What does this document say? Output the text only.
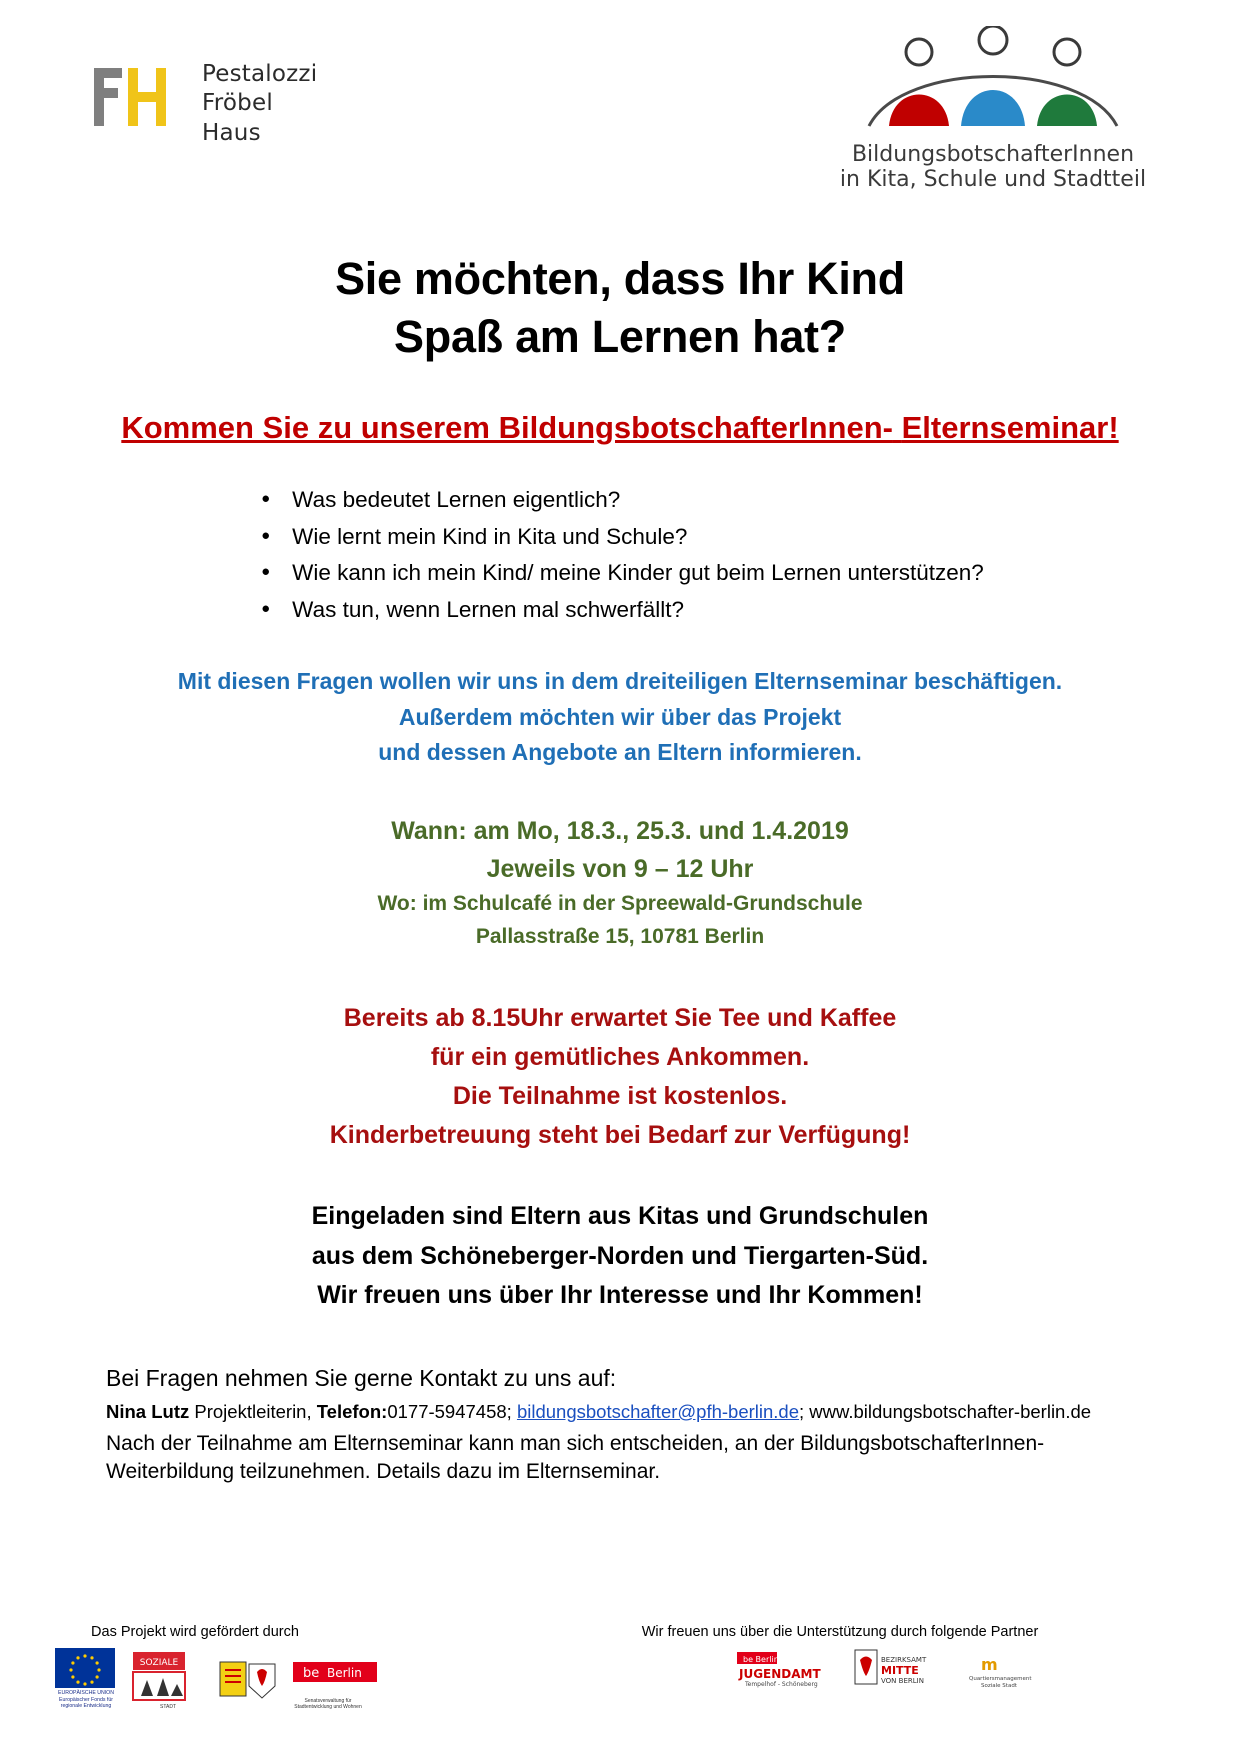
Pestalozzi
Fröbel
Haus
BildungsbotschafterInnen
in Kita, Schule und Stadtteil
Sie möchten, dass Ihr Kind
Spaß am Lernen hat?
Kommen Sie zu unserem BildungsbotschafterInnen- Elternseminar!
● Was bedeutet Lernen eigentlich?
● Wie lernt mein Kind in Kita und Schule?
● Wie kann ich mein Kind/ meine Kinder gut beim Lernen unterstützen?
● Was tun, wenn Lernen mal schwerfällt?
Mit diesen Fragen wollen wir uns in dem dreiteiligen Elternseminar beschäftigen.
Außerdem möchten wir über das Projekt
und dessen Angebote an Eltern informieren.
Wann: am Mo, 18.3., 25.3. und 1.4.2019
Jeweils von 9 – 12 Uhr
Wo: im Schulcafé in der Spreewald-Grundschule
Pallasstraße 15, 10781 Berlin
Bereits ab 8.15Uhr erwartet Sie Tee und Kaffee
für ein gemütliches Ankommen.
Die Teilnahme ist kostenlos.
Kinderbetreuung steht bei Bedarf zur Verfügung!
Eingeladen sind Eltern aus Kitas und Grundschulen
aus dem Schöneberger-Norden und Tiergarten-Süd.
Wir freuen uns über Ihr Interesse und Ihr Kommen!
Bei Fragen nehmen Sie gerne Kontakt zu uns auf:
Nina Lutz Projektleiterin, Telefon:0177-5947458; bildungsbotschafter@pfh-berlin.de; www.bildungsbotschafter-berlin.de
Nach der Teilnahme am Elternseminar kann man sich entscheiden, an der BildungsbotschafterInnen-
Weiterbildung teilzunehmen. Details dazu im Elternseminar.
Das Projekt wird gefördert durch	Wir freuen uns über die Unterstützung durch folgende Partner
EUROPÄISCHE UNION
Europäischer Fonds für
regionale Entwicklung
SOZIALE
STADT
be Berlin
Senatsverwaltung für Stadtentwicklung und Wohnen
be Berlin
JUGENDAMT
Tempelhof - Schöneberg
BEZIRKSAMT
MITTE
VON BERLIN
m
Quartiersmanagement
Soziale Stadt
